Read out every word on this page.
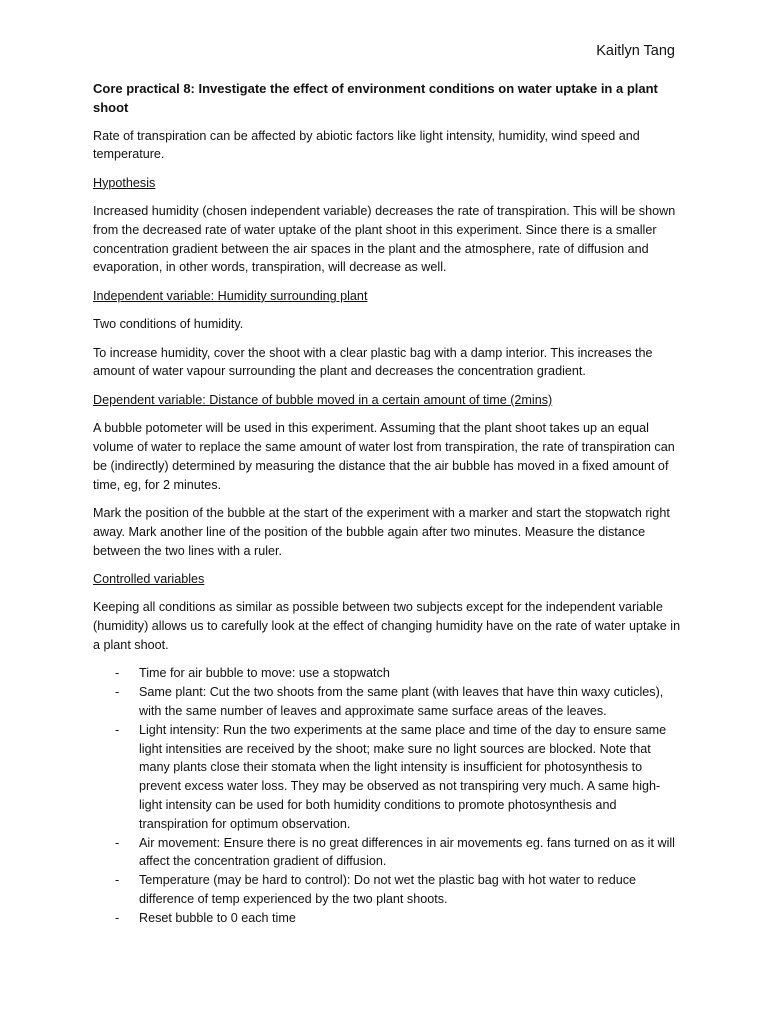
Kaitlyn Tang

Core practical 8: Investigate the effect of environment conditions on water uptake in a plant shoot

Rate of transpiration can be affected by abiotic factors like light intensity, humidity, wind speed and temperature.

Hypothesis

Increased humidity (chosen independent variable) decreases the rate of transpiration. This will be shown from the decreased rate of water uptake of the plant shoot in this experiment. Since there is a smaller concentration gradient between the air spaces in the plant and the atmosphere, rate of diffusion and evaporation, in other words, transpiration, will decrease as well.

Independent variable: Humidity surrounding plant

Two conditions of humidity.

To increase humidity, cover the shoot with a clear plastic bag with a damp interior. This increases the amount of water vapour surrounding the plant and decreases the concentration gradient.

Dependent variable: Distance of bubble moved in a certain amount of time (2mins)

A bubble potometer will be used in this experiment. Assuming that the plant shoot takes up an equal volume of water to replace the same amount of water lost from transpiration, the rate of transpiration can be (indirectly) determined by measuring the distance that the air bubble has moved in a fixed amount of time, eg, for 2 minutes.

Mark the position of the bubble at the start of the experiment with a marker and start the stopwatch right away. Mark another line of the position of the bubble again after two minutes. Measure the distance between the two lines with a ruler.

Controlled variables

Keeping all conditions as similar as possible between two subjects except for the independent variable (humidity) allows us to carefully look at the effect of changing humidity have on the rate of water uptake in a plant shoot.

- Time for air bubble to move: use a stopwatch
- Same plant: Cut the two shoots from the same plant (with leaves that have thin waxy cuticles), with the same number of leaves and approximate same surface areas of the leaves.
- Light intensity: Run the two experiments at the same place and time of the day to ensure same light intensities are received by the shoot; make sure no light sources are blocked. Note that many plants close their stomata when the light intensity is insufficient for photosynthesis to prevent excess water loss. They may be observed as not transpiring very much. A same high-light intensity can be used for both humidity conditions to promote photosynthesis and transpiration for optimum observation.
- Air movement: Ensure there is no great differences in air movements eg. fans turned on as it will affect the concentration gradient of diffusion.
- Temperature (may be hard to control): Do not wet the plastic bag with hot water to reduce difference of temp experienced by the two plant shoots.
- Reset bubble to 0 each time
